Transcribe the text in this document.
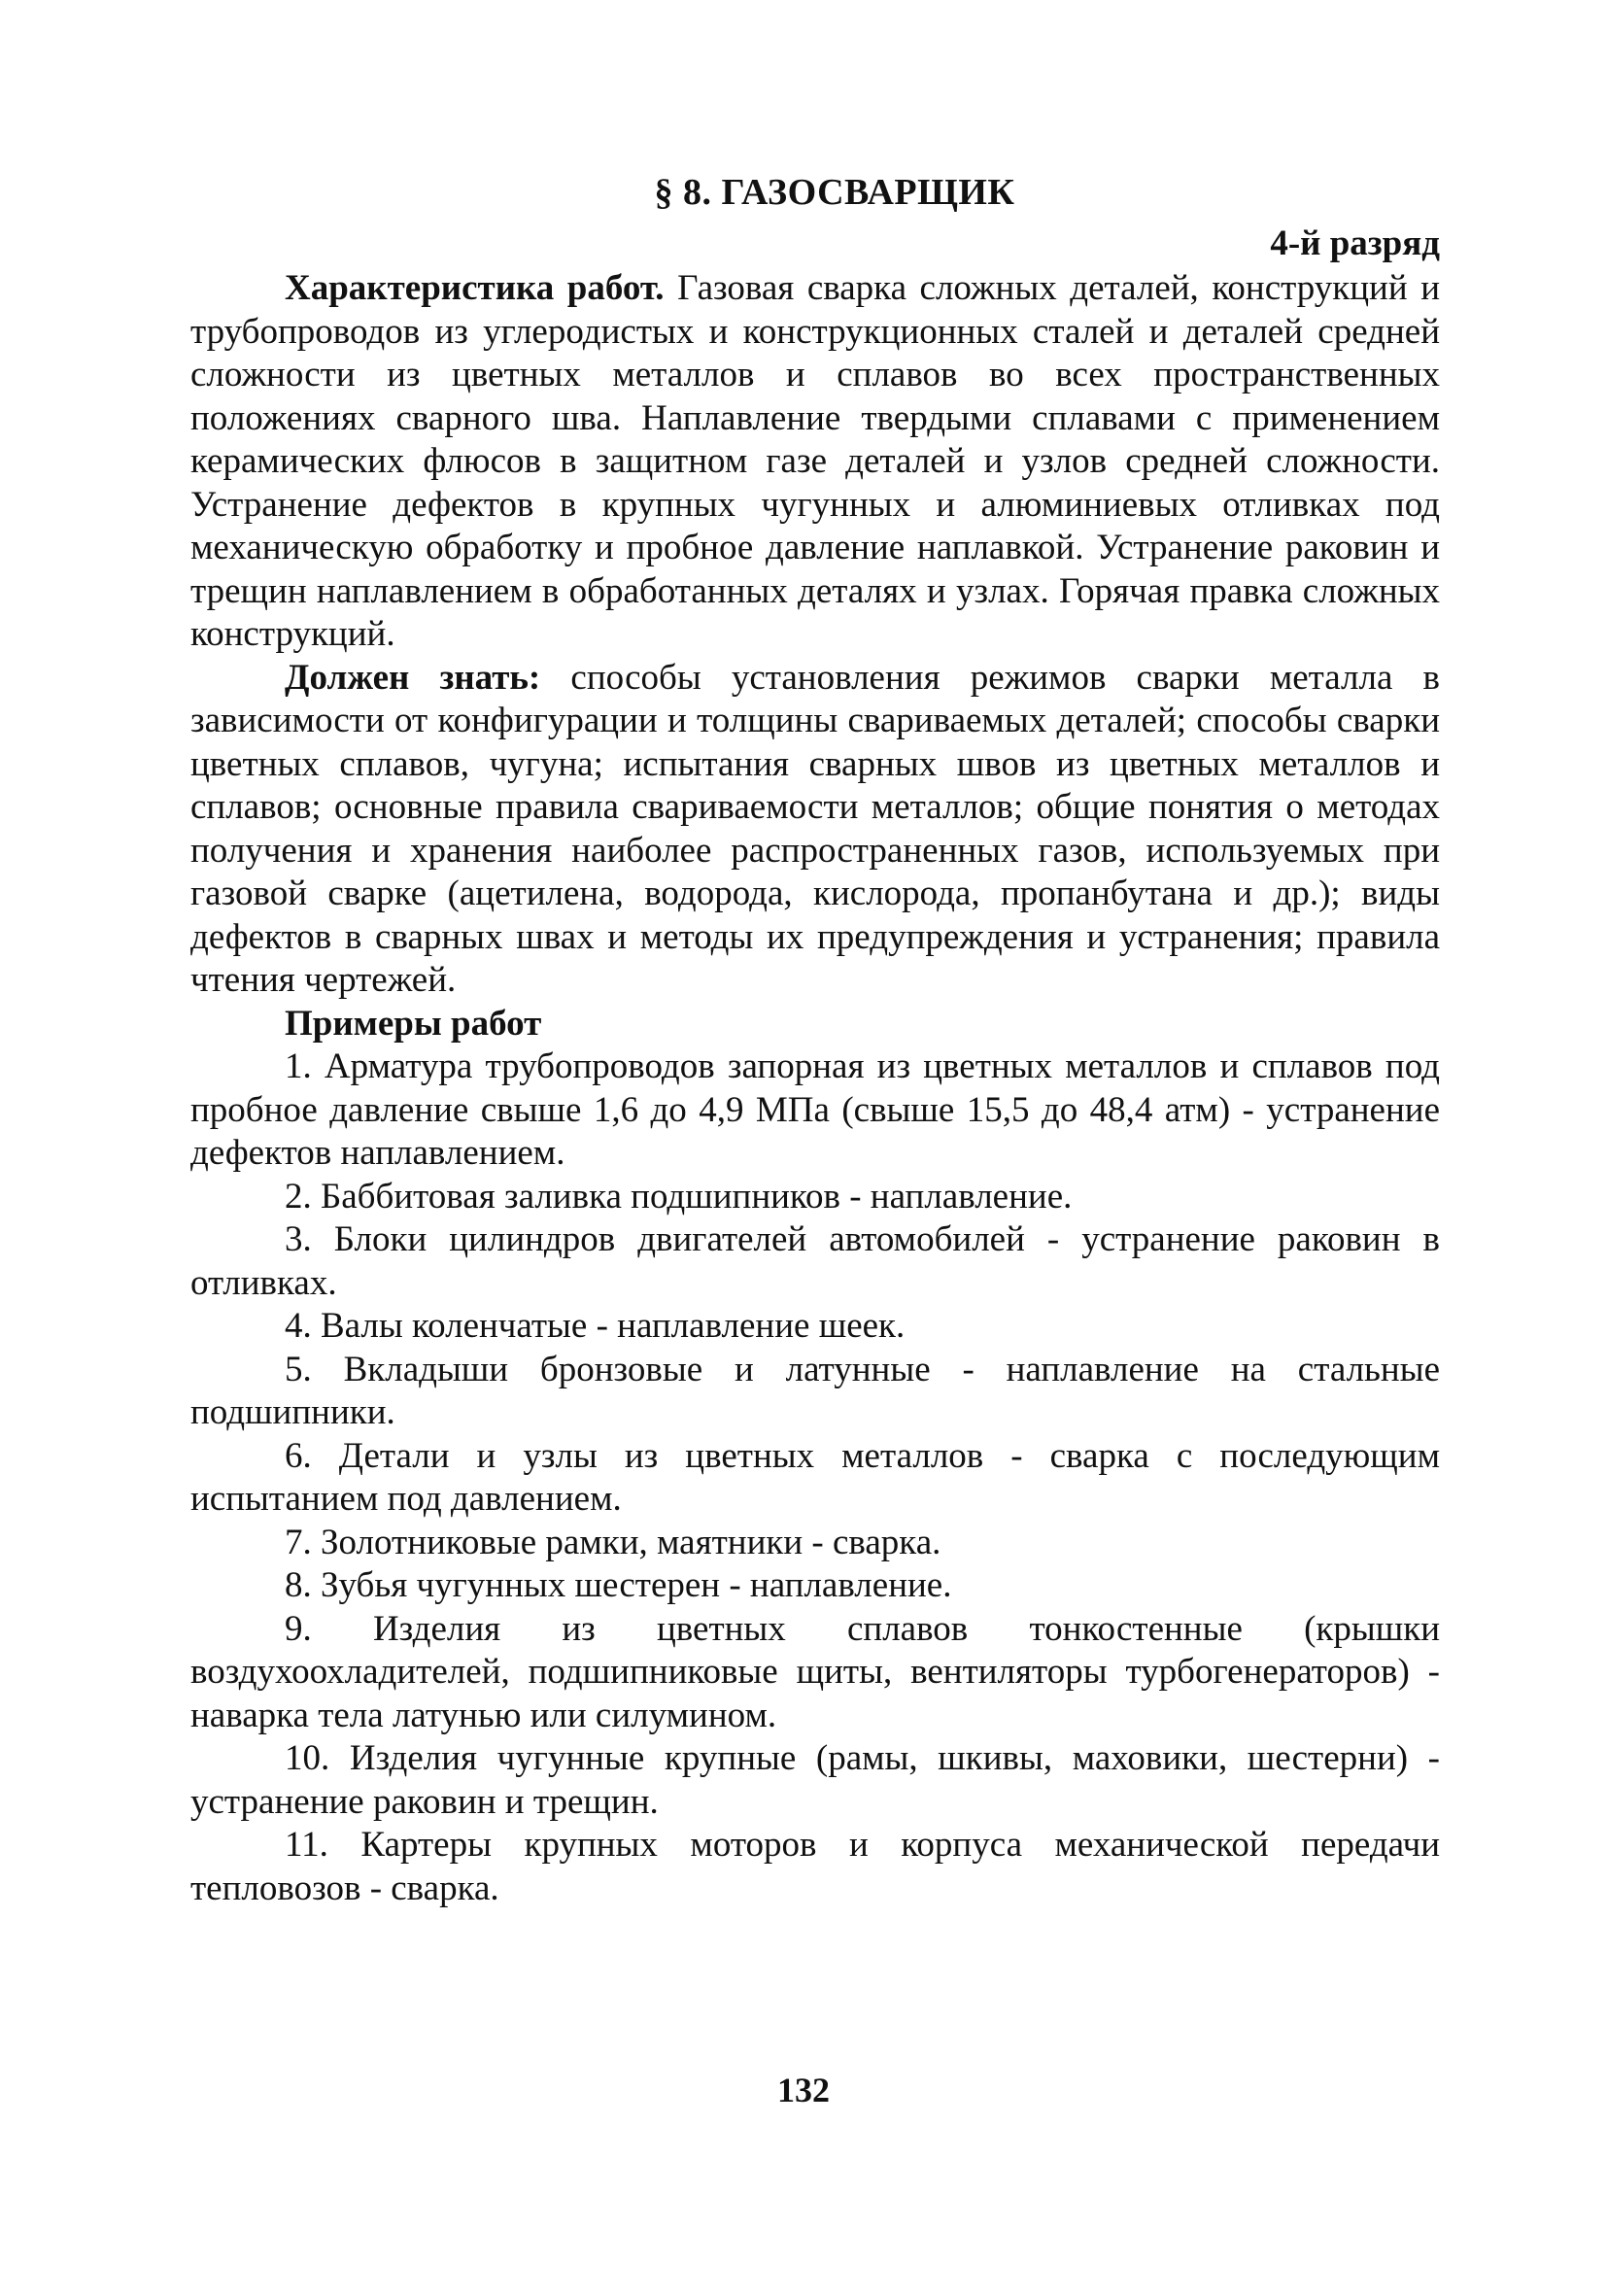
§ 8. ГАЗОСВАРЩИК
4-й разряд

Характеристика работ. Газовая сварка сложных деталей, конструкций и трубопроводов из углеродистых и конструкционных сталей и деталей средней сложности из цветных металлов и сплавов во всех пространственных положениях сварного шва. Наплавление твердыми сплавами с применением керамических флюсов в защитном газе деталей и узлов средней сложности. Устранение дефектов в крупных чугунных и алюминиевых отливках под механическую обработку и пробное давление наплавкой. Устранение раковин и трещин наплавлением в обработанных деталях и узлах. Горячая правка сложных конструкций.

Должен знать: способы установления режимов сварки металла в зависимости от конфигурации и толщины свариваемых деталей; способы сварки цветных сплавов, чугуна; испытания сварных швов из цветных металлов и сплавов; основные правила свариваемости металлов; общие понятия о методах получения и хранения наиболее распространенных газов, используемых при газовой сварке (ацетилена, водорода, кислорода, пропанбутана и др.); виды дефектов в сварных швах и методы их предупреждения и устранения; правила чтения чертежей.

Примеры работ

1. Арматура трубопроводов запорная из цветных металлов и сплавов под пробное давление свыше 1,6 до 4,9 МПа (свыше 15,5 до 48,4 атм) - устранение дефектов наплавлением.
2. Баббитовая заливка подшипников - наплавление.
3. Блоки цилиндров двигателей автомобилей - устранение раковин в отливках.
4. Валы коленчатые - наплавление шеек.
5. Вкладыши бронзовые и латунные - наплавление на стальные подшипники.
6. Детали и узлы из цветных металлов - сварка с последующим испытанием под давлением.
7. Золотниковые рамки, маятники - сварка.
8. Зубья чугунных шестерен - наплавление.
9. Изделия из цветных сплавов тонкостенные (крышки воздухоохладителей, подшипниковые щиты, вентиляторы турбогенераторов) - наварка тела латунью или силумином.
10. Изделия чугунные крупные (рамы, шкивы, маховики, шестерни) - устранение раковин и трещин.
11. Картеры крупных моторов и корпуса механической передачи тепловозов - сварка.
132
